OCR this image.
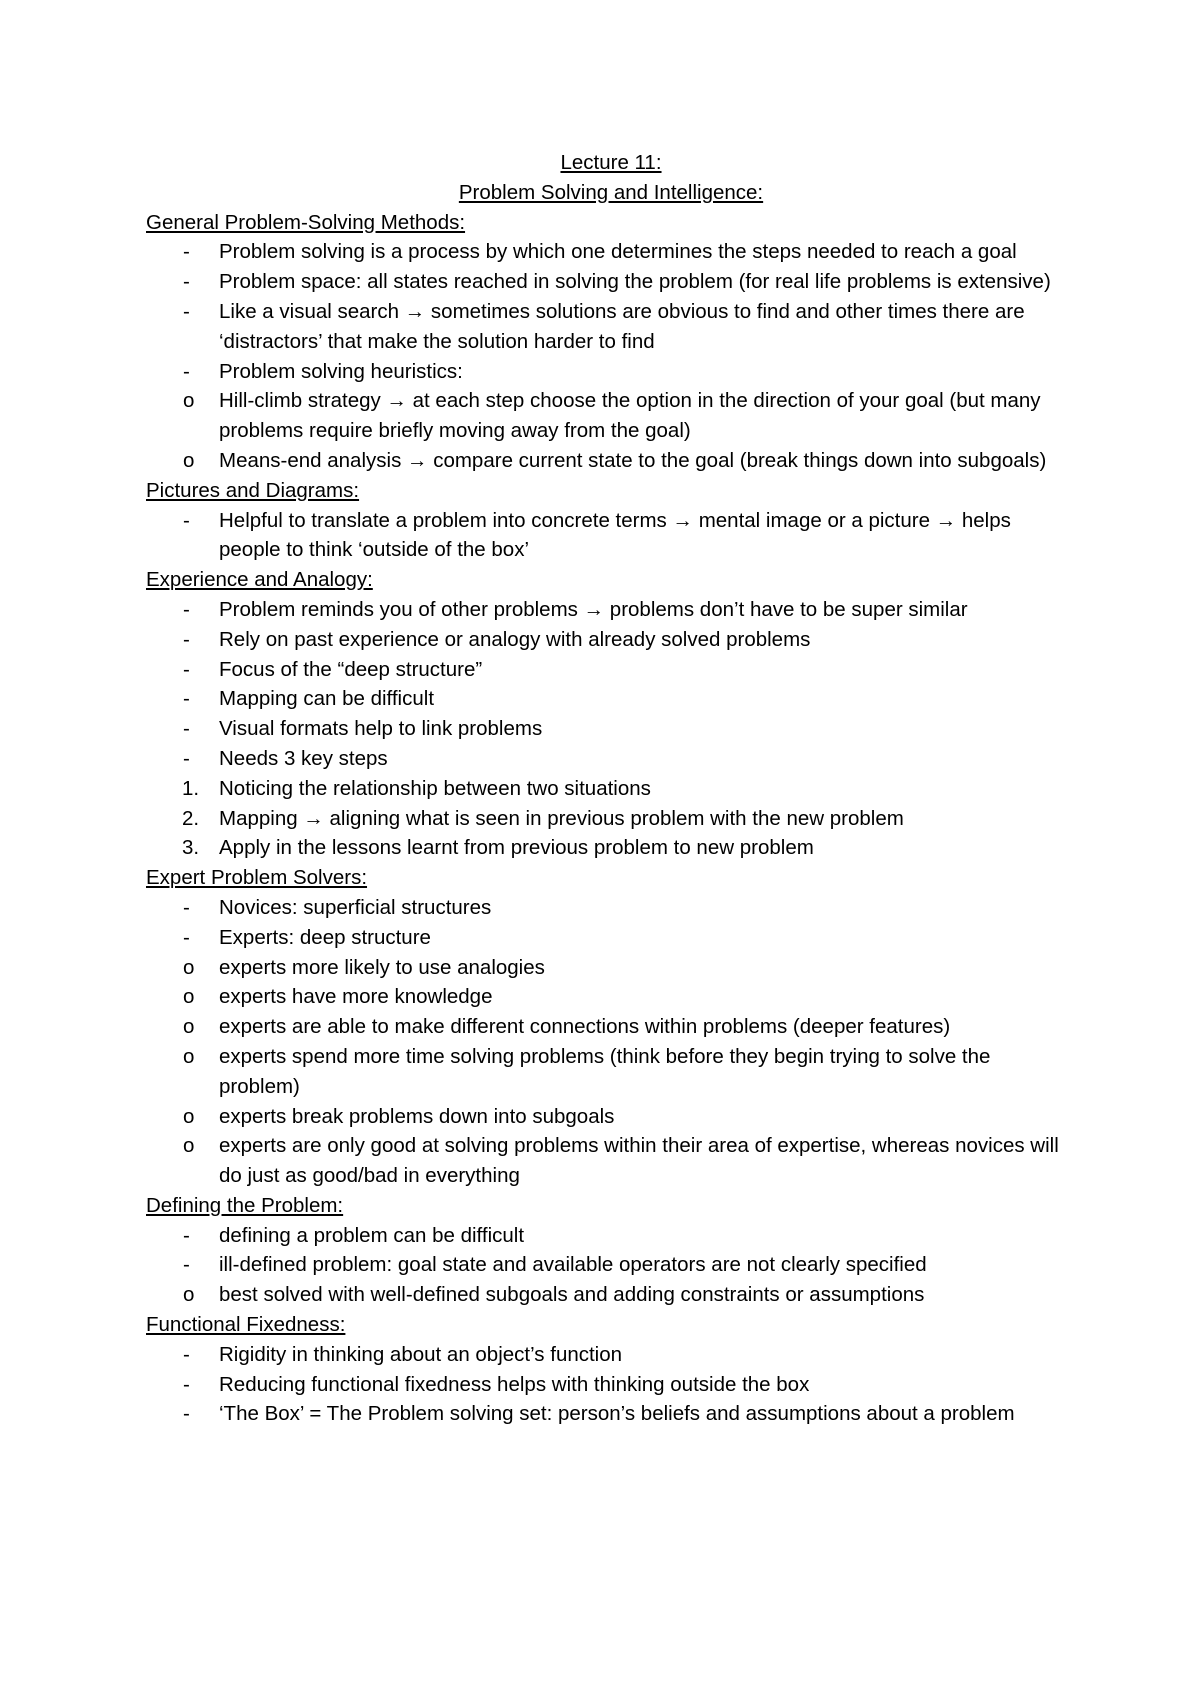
Lecture 11:
Problem Solving and Intelligence:
General Problem-Solving Methods:
-	Problem solving is a process by which one determines the steps needed to reach a goal
-	Problem space: all states reached in solving the problem (for real life problems is extensive)
-	Like a visual search → sometimes solutions are obvious to find and other times there are ‘distractors’ that make the solution harder to find
-	Problem solving heuristics:
o	Hill-climb strategy → at each step choose the option in the direction of your goal (but many problems require briefly moving away from the goal)
o	Means-end analysis → compare current state to the goal (break things down into subgoals)
Pictures and Diagrams:
-	Helpful to translate a problem into concrete terms → mental image or a picture → helps people to think ‘outside of the box’
Experience and Analogy:
-	Problem reminds you of other problems → problems don’t have to be super similar
-	Rely on past experience or analogy with already solved problems
-	Focus of the “deep structure”
-	Mapping can be difficult
-	Visual formats help to link problems
-	Needs 3 key steps
1. Noticing the relationship between two situations
2. Mapping → aligning what is seen in previous problem with the new problem
3. Apply in the lessons learnt from previous problem to new problem
Expert Problem Solvers:
-	Novices: superficial structures
-	Experts: deep structure
o	experts more likely to use analogies
o	experts have more knowledge
o	experts are able to make different connections within problems (deeper features)
o	experts spend more time solving problems (think before they begin trying to solve the problem)
o	experts break problems down into subgoals
o	experts are only good at solving problems within their area of expertise, whereas novices will do just as good/bad in everything
Defining the Problem:
-	defining a problem can be difficult
-	ill-defined problem: goal state and available operators are not clearly specified
o	best solved with well-defined subgoals and adding constraints or assumptions
Functional Fixedness:
-	Rigidity in thinking about an object’s function
-	Reducing functional fixedness helps with thinking outside the box
-	‘The Box’ = The Problem solving set: person’s beliefs and assumptions about a problem
